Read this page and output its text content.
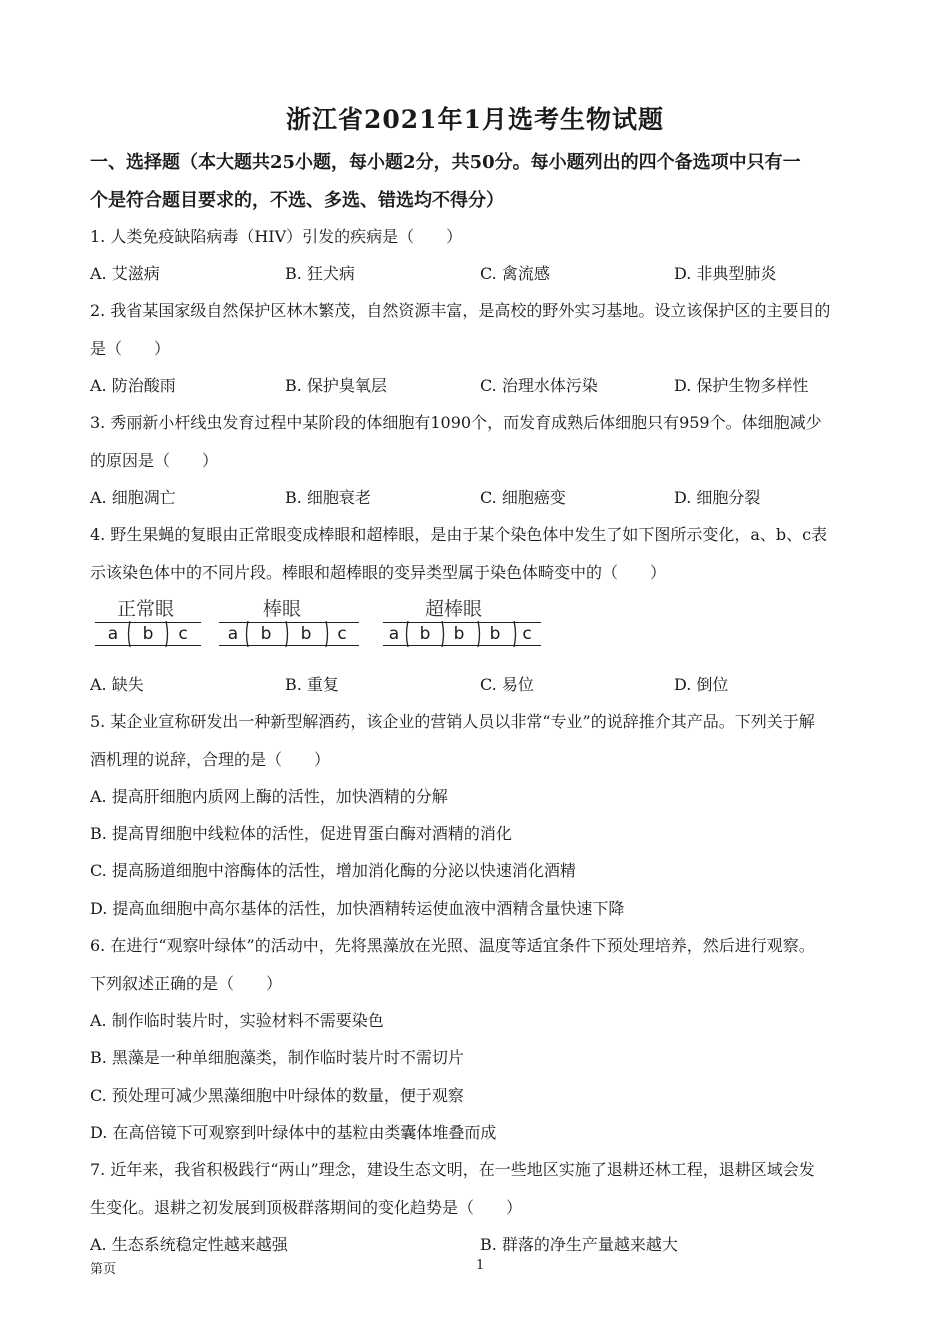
浙江省2021年1月选考生物试题
一、选择题（本大题共25小题，每小题2分，共50分。每小题列出的四个备选项中只有一
个是符合题目要求的，不选、多选、错选均不得分）
1. 人类免疫缺陷病毒（HIV）引发的疾病是（　　）
A. 艾滋病	B. 狂犬病	C. 禽流感	D. 非典型肺炎
2. 我省某国家级自然保护区林木繁茂，自然资源丰富，是高校的野外实习基地。设立该保护区的主要目的
是（　　）
A. 防治酸雨	B. 保护臭氧层	C. 治理水体污染	D. 保护生物多样性
3. 秀丽新小杆线虫发育过程中某阶段的体细胞有1090个，而发育成熟后体细胞只有959个。体细胞减少
的原因是（　　）
A. 细胞凋亡	B. 细胞衰老	C. 细胞癌变	D. 细胞分裂
4. 野生果蝇的复眼由正常眼变成棒眼和超棒眼，是由于某个染色体中发生了如下图所示变化，a、b、c表
示该染色体中的不同片段。棒眼和超棒眼的变异类型属于染色体畸变中的（　　）
正常眼	棒眼	超棒眼
a	b	c	a	b	b	c	a	b	b	b	c
A. 缺失	B. 重复	C. 易位	D. 倒位
5. 某企业宣称研发出一种新型解酒药，该企业的营销人员以非常“专业”的说辞推介其产品。下列关于解
酒机理的说辞，合理的是（　　）
A. 提高肝细胞内质网上酶的活性，加快酒精的分解
B. 提高胃细胞中线粒体的活性，促进胃蛋白酶对酒精的消化
C. 提高肠道细胞中溶酶体的活性，增加消化酶的分泌以快速消化酒精
D. 提高血细胞中高尔基体的活性，加快酒精转运使血液中酒精含量快速下降
6. 在进行“观察叶绿体”的活动中，先将黑藻放在光照、温度等适宜条件下预处理培养，然后进行观察。
下列叙述正确的是（　　）
A. 制作临时装片时，实验材料不需要染色
B. 黑藻是一种单细胞藻类，制作临时装片时不需切片
C. 预处理可减少黑藻细胞中叶绿体的数量，便于观察
D. 在高倍镜下可观察到叶绿体中的基粒由类囊体堆叠而成
7. 近年来，我省积极践行“两山”理念，建设生态文明，在一些地区实施了退耕还林工程，退耕区域会发
生变化。退耕之初发展到顶极群落期间的变化趋势是（　　）
A. 生态系统稳定性越来越强	B. 群落的净生产量越来越大
第页	1
